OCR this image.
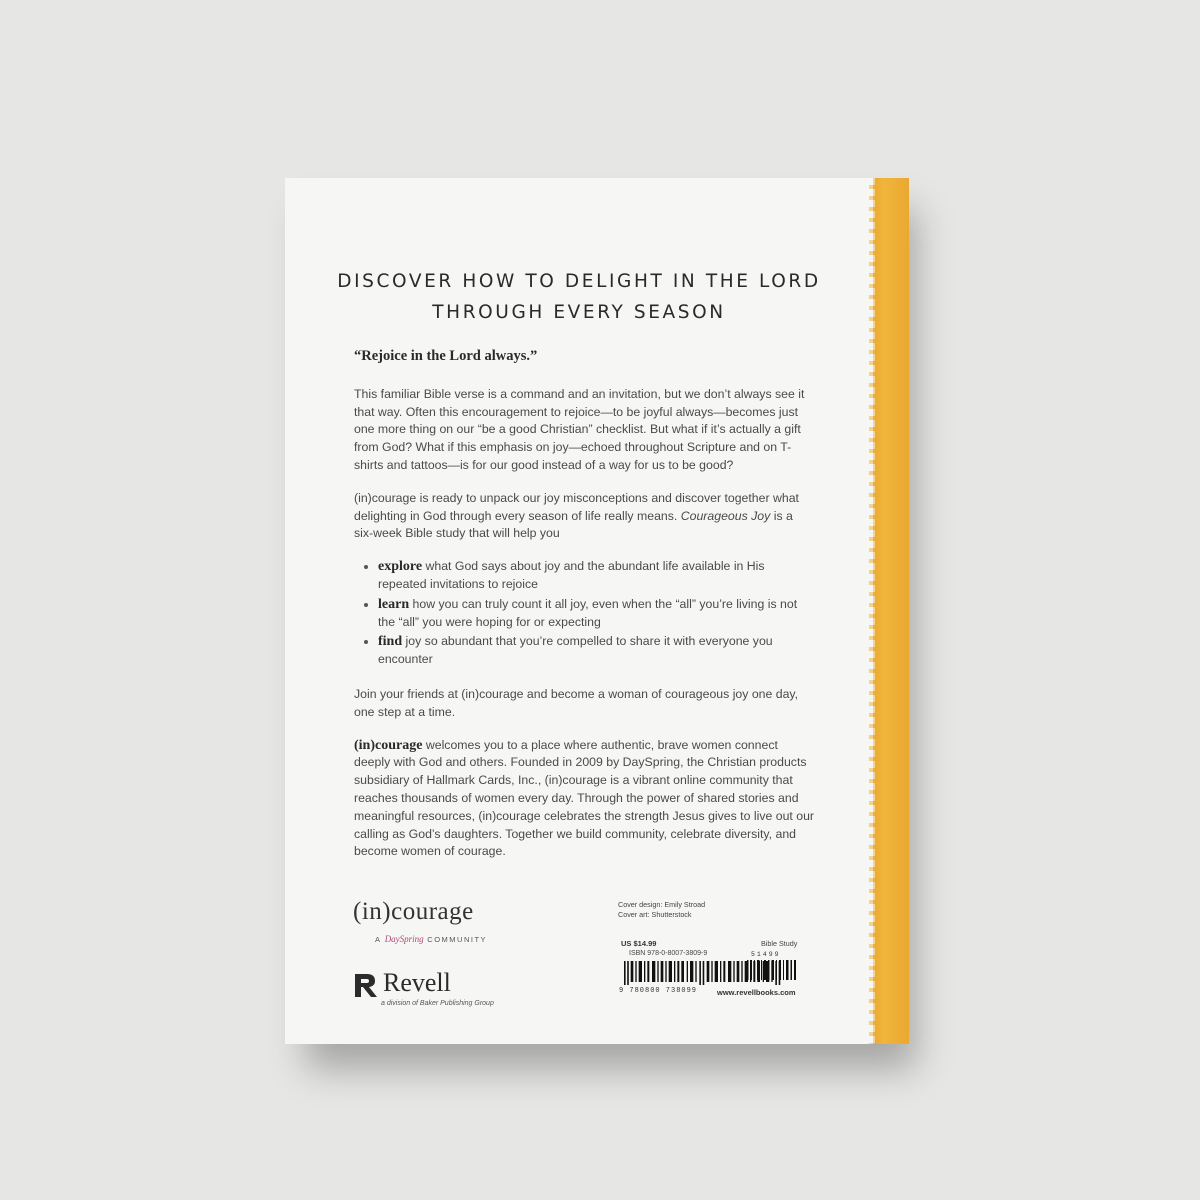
DISCOVER HOW TO DELIGHT IN THE LORD
THROUGH EVERY SEASON
“Rejoice in the Lord always.”

This familiar Bible verse is a command and an invitation, but we don’t always see it that way. Often this encouragement to rejoice—to be joyful always—becomes just one more thing on our “be a good Christian” checklist. But what if it’s actually a gift from God? What if this emphasis on joy—echoed throughout Scripture and on T-shirts and tattoos—is for our good instead of a way for us to be good?

(in)courage is ready to unpack our joy misconceptions and discover together what delighting in God through every season of life really means. Courageous Joy is a six-week Bible study that will help you

explore what God says about joy and the abundant life available in His repeated invitations to rejoice
learn how you can truly count it all joy, even when the “all” you’re living is not the “all” you were hoping for or expecting
find joy so abundant that you’re compelled to share it with everyone you encounter

Join your friends at (in)courage and become a woman of courageous joy one day, one step at a time.

(in)courage welcomes you to a place where authentic, brave women connect deeply with God and others. Founded in 2009 by DaySpring, the Christian products subsidiary of Hallmark Cards, Inc., (in)courage is a vibrant online community that reaches thousands of women every day. Through the power of shared stories and meaningful resources, (in)courage celebrates the strength Jesus gives to live out our calling as God’s daughters. Together we build community, celebrate diversity, and become women of courage.

(in)courage
A DaySpring COMMUNITY
Revell
a division of Baker Publishing Group
Cover design: Emily Stroad
Cover art: Shutterstock
US $14.99	Bible Study
ISBN 978-0-8007-3809-9	51499
9 780800 738099	www.revellbooks.com
